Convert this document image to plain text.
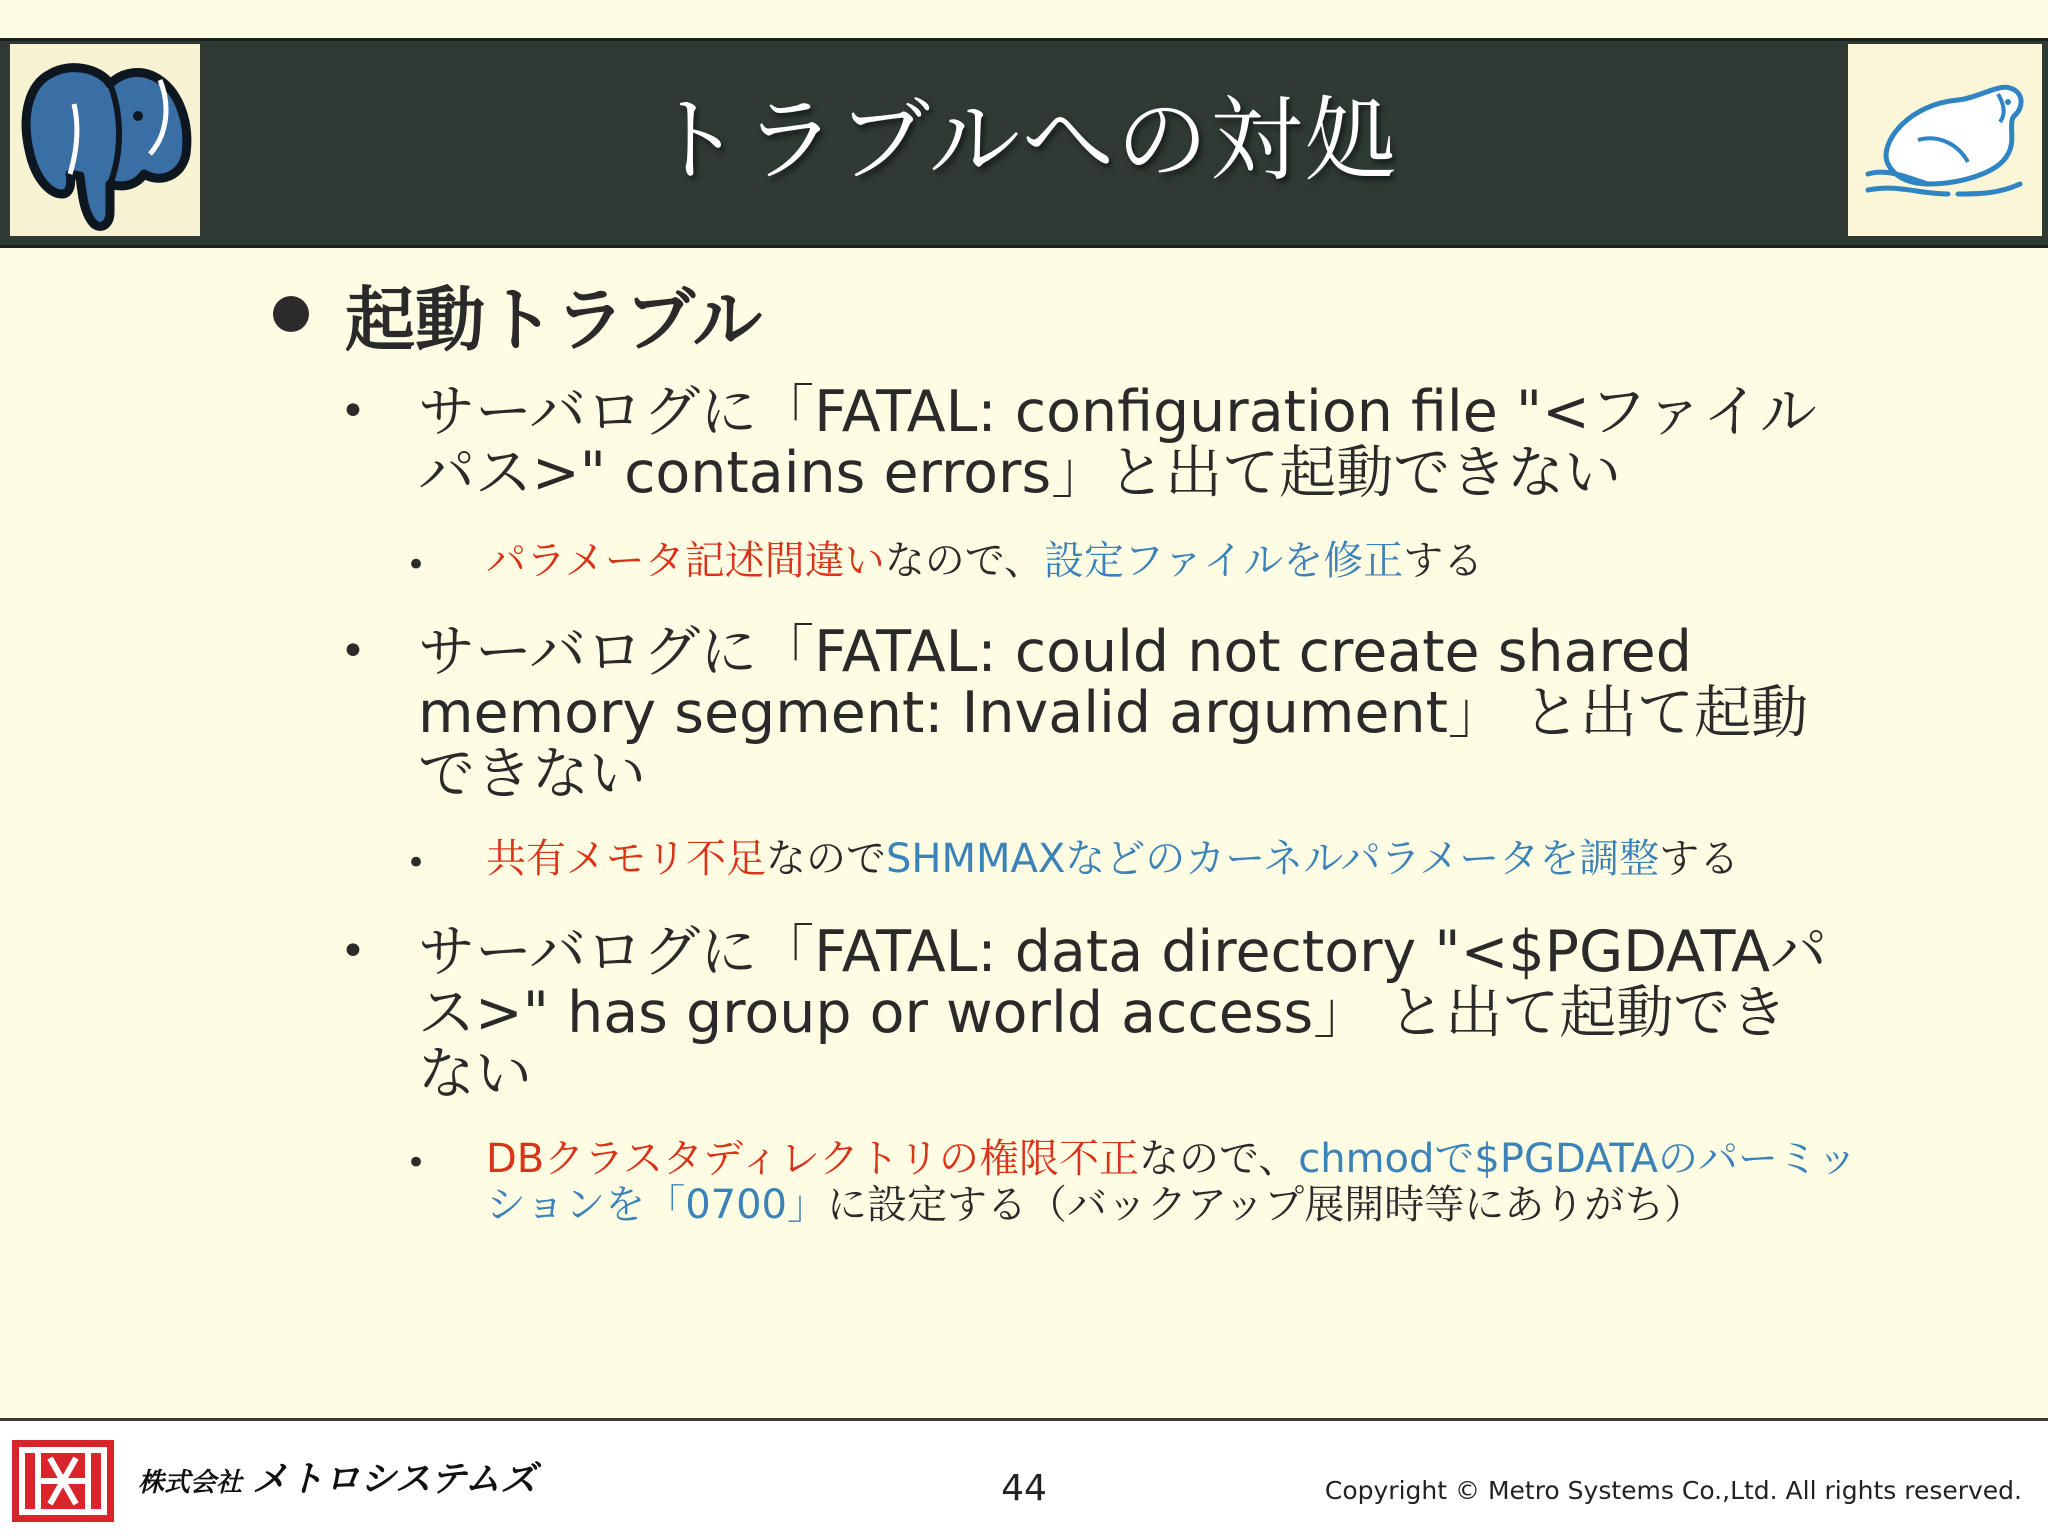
トラブルへの対処
起動トラブル
• サーバログに「FATAL: configuration file "<ファイルパス>" contains errors」と出て起動できない
• パラメータ記述間違いなので、設定ファイルを修正する
• サーバログに「FATAL: could not create shared memory segment: Invalid argument」 と出て起動できない
• 共有メモリ不足なのでSHMMAXなどのカーネルパラメータを調整する
• サーバログに「FATAL: data directory "<$PGDATAパス>" has group or world access」 と出て起動できない
• DBクラスタディレクトリの権限不正なので、chmodで$PGDATAのパーミッションを「0700」に設定する（バックアップ展開時等にありがち）
株式会社 メトロシステムズ	44	Copyright © Metro Systems Co.,Ltd. All rights reserved.
